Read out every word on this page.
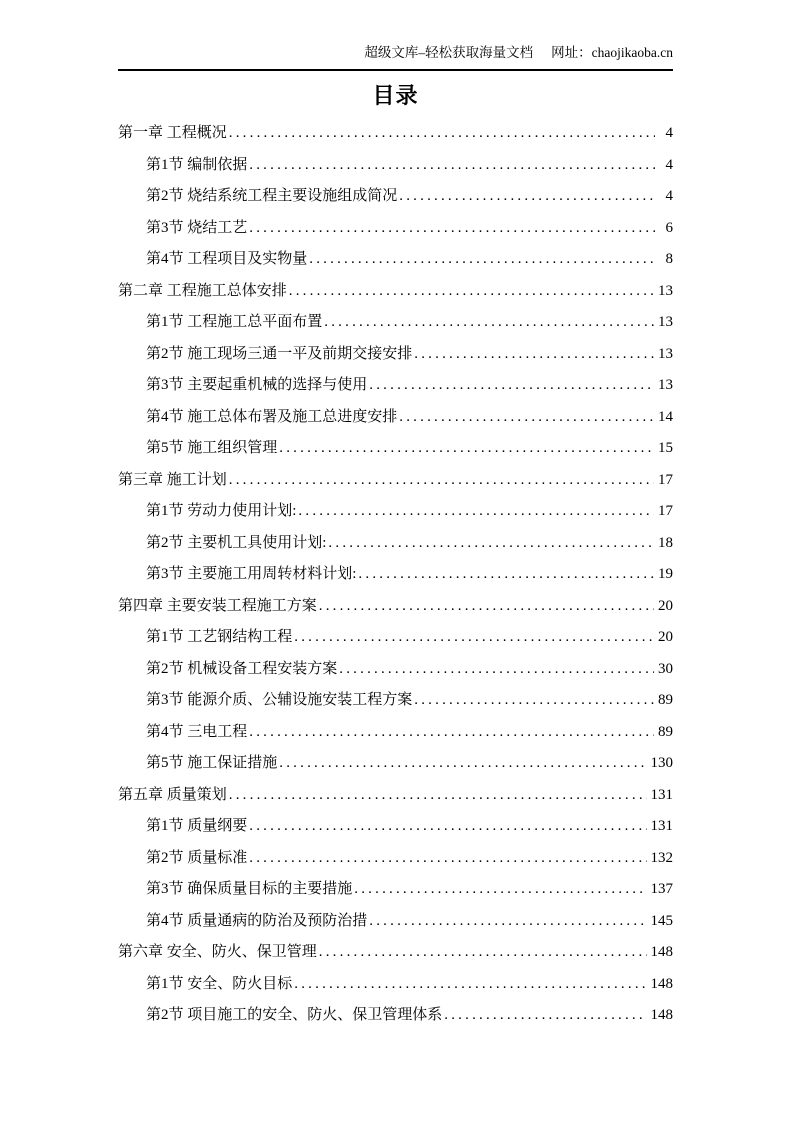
超级文库–轻松获取海量文档 网址：chaojikaoba.cn
目录
第一章 工程概况 .....	4
第1节 编制依据 .....	4
第2节 烧结系统工程主要设施组成简况 .....	4
第3节 烧结工艺 .....	6
第4节 工程项目及实物量 .....	8
第二章 工程施工总体安排 .....	13
第1节 工程施工总平面布置 .....	13
第2节 施工现场三通一平及前期交接安排 .....	13
第3节 主要起重机械的选择与使用 .....	13
第4节 施工总体布署及施工总进度安排 .....	14
第5节 施工组织管理 .....	15
第三章 施工计划 .....	17
第1节 劳动力使用计划: .....	17
第2节 主要机工具使用计划: .....	18
第3节 主要施工用周转材料计划: .....	19
第四章 主要安装工程施工方案 .....	20
第1节 工艺钢结构工程 .....	20
第2节 机械设备工程安装方案 .....	30
第3节 能源介质、公辅设施安装工程方案 .....	89
第4节 三电工程 .....	89
第5节 施工保证措施 .....	130
第五章 质量策划 .....	131
第1节 质量纲要 .....	131
第2节 质量标准 .....	132
第3节 确保质量目标的主要措施 .....	137
第4节 质量通病的防治及预防治措 .....	145
第六章 安全、防火、保卫管理 .....	148
第1节 安全、防火目标 .....	148
第2节 项目施工的安全、防火、保卫管理体系 .....	148
